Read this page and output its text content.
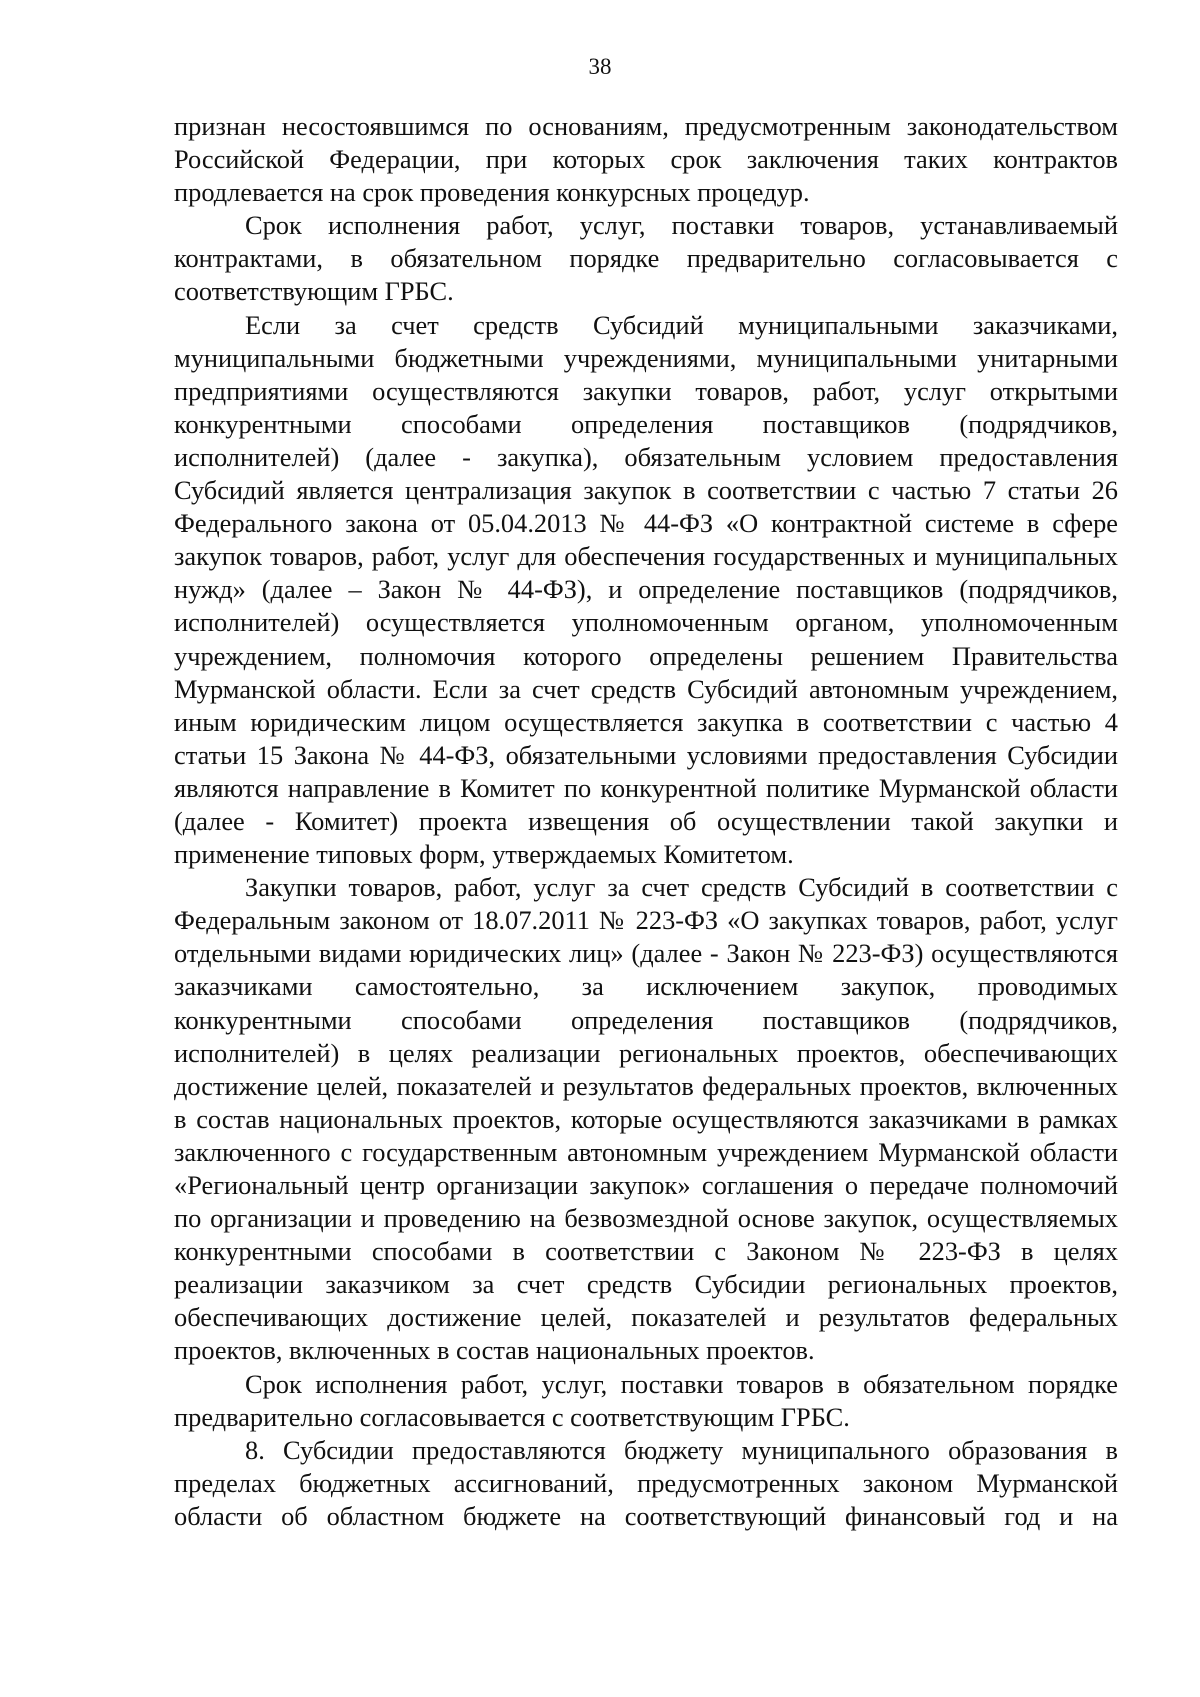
38

признан несостоявшимся по основаниям, предусмотренным законодательством Российской Федерации, при которых срок заключения таких контрактов продлевается на срок проведения конкурсных процедур.

Срок исполнения работ, услуг, поставки товаров, устанавливаемый контрактами, в обязательном порядке предварительно согласовывается с соответствующим ГРБС.

Если за счет средств Субсидий муниципальными заказчиками, муниципальными бюджетными учреждениями, муниципальными унитарными предприятиями осуществляются закупки товаров, работ, услуг открытыми конкурентными способами определения поставщиков (подрядчиков, исполнителей) (далее - закупка), обязательным условием предоставления Субсидий является централизация закупок в соответствии с частью 7 статьи 26 Федерального закона от 05.04.2013 № 44-ФЗ «О контрактной системе в сфере закупок товаров, работ, услуг для обеспечения государственных и муниципальных нужд» (далее – Закон № 44-ФЗ), и определение поставщиков (подрядчиков, исполнителей) осуществляется уполномоченным органом, уполномоченным учреждением, полномочия которого определены решением Правительства Мурманской области. Если за счет средств Субсидий автономным учреждением, иным юридическим лицом осуществляется закупка в соответствии с частью 4 статьи 15 Закона № 44-ФЗ, обязательными условиями предоставления Субсидии являются направление в Комитет по конкурентной политике Мурманской области (далее - Комитет) проекта извещения об осуществлении такой закупки и применение типовых форм, утверждаемых Комитетом.

Закупки товаров, работ, услуг за счет средств Субсидий в соответствии с Федеральным законом от 18.07.2011 № 223-ФЗ «О закупках товаров, работ, услуг отдельными видами юридических лиц» (далее - Закон № 223-ФЗ) осуществляются заказчиками самостоятельно, за исключением закупок, проводимых конкурентными способами определения поставщиков (подрядчиков, исполнителей) в целях реализации региональных проектов, обеспечивающих достижение целей, показателей и результатов федеральных проектов, включенных в состав национальных проектов, которые осуществляются заказчиками в рамках заключенного с государственным автономным учреждением Мурманской области «Региональный центр организации закупок» соглашения о передаче полномочий по организации и проведению на безвозмездной основе закупок, осуществляемых конкурентными способами в соответствии с Законом № 223-ФЗ в целях реализации заказчиком за счет средств Субсидии региональных проектов, обеспечивающих достижение целей, показателей и результатов федеральных проектов, включенных в состав национальных проектов.

Срок исполнения работ, услуг, поставки товаров в обязательном порядке предварительно согласовывается с соответствующим ГРБС.

8. Субсидии предоставляются бюджету муниципального образования в пределах бюджетных ассигнований, предусмотренных законом Мурманской области об областном бюджете на соответствующий финансовый год и на
